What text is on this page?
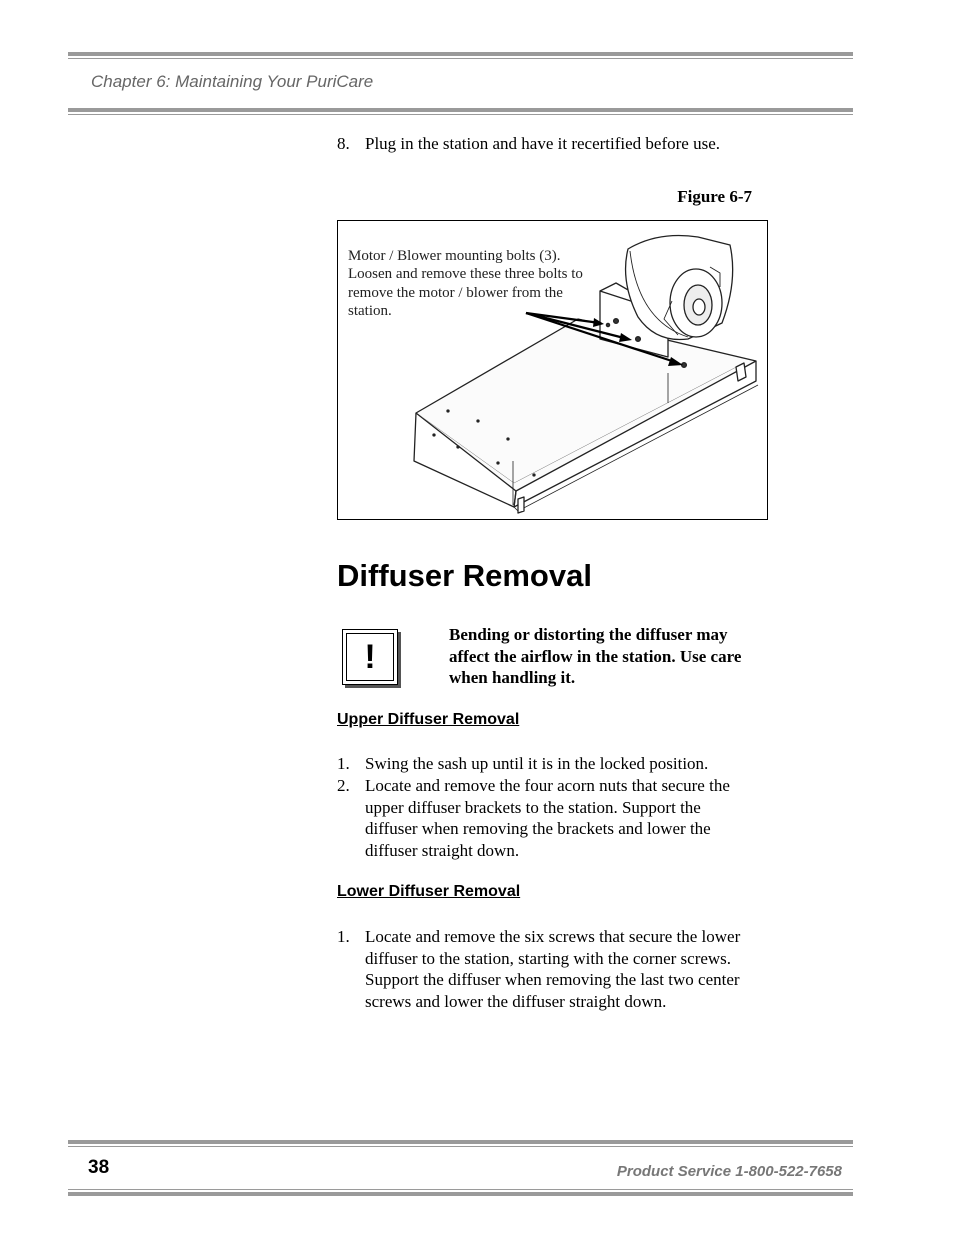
Chapter 6: Maintaining Your PuriCare
8. Plug in the station and have it recertified before use.
Figure 6-7
Motor / Blower mounting bolts (3). Loosen and remove these three bolts to remove the motor / blower from the station.
Diffuser Removal
!
Bending or distorting the diffuser may affect the airflow in the station. Use care when handling it.
Upper Diffuser Removal
1. Swing the sash up until it is in the locked position.
2. Locate and remove the four acorn nuts that secure the upper diffuser brackets to the station. Support the diffuser when removing the brackets and lower the diffuser straight down.
Lower Diffuser Removal
1. Locate and remove the six screws that secure the lower diffuser to the station, starting with the corner screws. Support the diffuser when removing the last two center screws and lower the diffuser straight down.
38	Product Service 1-800-522-7658
